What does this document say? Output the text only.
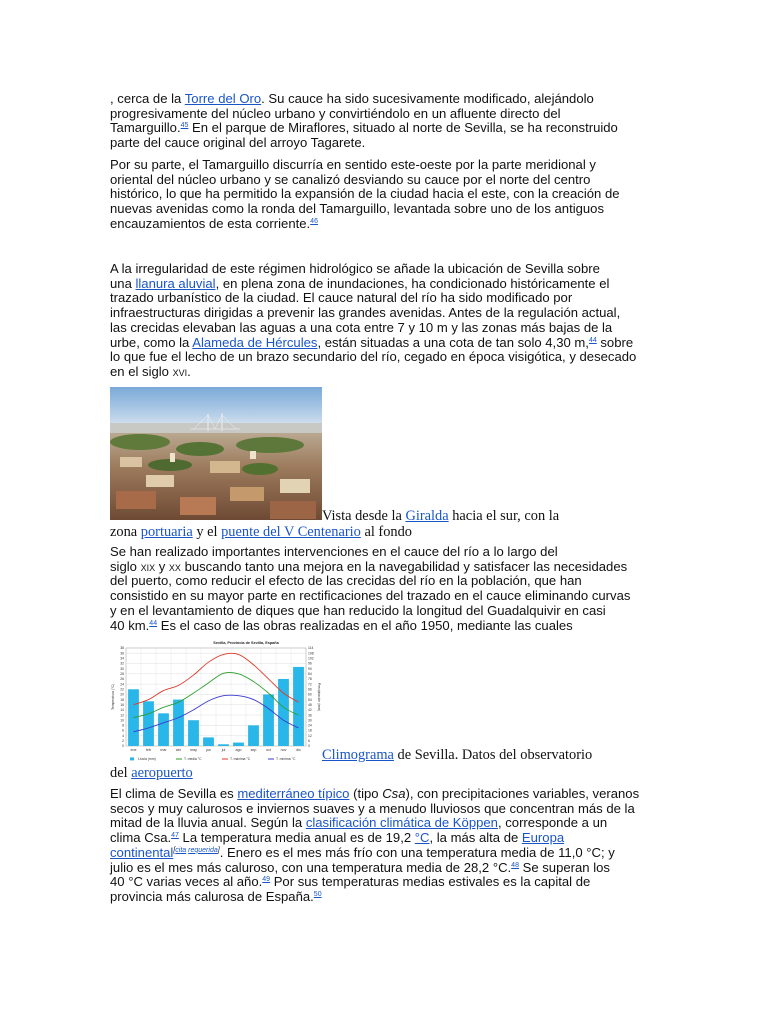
, cerca de la Torre del Oro. Su cauce ha sido sucesivamente modificado, alejándolo
progresivamente del núcleo urbano y convirtiéndolo en un afluente directo del
Tamarguillo.$^{45}$ En el parque de Miraflores, situado al norte de Sevilla, se ha reconstruido
parte del cauce original del arroyo Tagarete.
Por su parte, el Tamarguillo discurría en sentido este-oeste por la parte meridional y
oriental del núcleo urbano y se canalizó desviando su cauce por el norte del centro
histórico, lo que ha permitido la expansión de la ciudad hacia el este, con la creación de
nuevas avenidas como la ronda del Tamarguillo, levantada sobre uno de los antiguos
encauzamientos de esta corriente.$^{46}$
A la irregularidad de este régimen hidrológico se añade la ubicación de Sevilla sobre
una llanura aluvial, en plena zona de inundaciones, ha condicionado históricamente el
trazado urbanístico de la ciudad. El cauce natural del río ha sido modificado por
infraestructuras dirigidas a prevenir las grandes avenidas. Antes de la regulación actual,
las crecidas elevaban las aguas a una cota entre 7 y 10 m y las zonas más bajas de la
urbe, como la Alameda de Hércules, están situadas a una cota de tan solo 4,30 m,$^{44}$ sobre
lo que fue el lecho de un brazo secundario del río, cegado en época visigótica, y desecado
en el siglo xvi.
Vista desde la Giralda hacia el sur, con la
zona portuaria y el puente del V Centenario al fondo
Se han realizado importantes intervenciones en el cauce del río a lo largo del
siglo xix y xx buscando tanto una mejora en la navegabilidad y satisfacer las necesidades
del puerto, como reducir el efecto de las crecidas del río en la población, que han
consistido en su mayor parte en rectificaciones del trazado en el cauce eliminando curvas
y en el levantamiento de diques que han reducido la longitud del Guadalquivir en casi
40 km.$^{44}$ Es el caso de las obras realizadas en el año 1950, mediante las cuales
0
2
4
6
8
10
12
14
16
18
20
22
24
26
28
30
32
34
36
38
0
6
12
18
24
30
36
42
48
54
60
66
72
78
84
90
96
102
108
114
ene	feb	mar	abr	may	jun	jul	ago	sep	oct	nov	dic
Sevilla, Provincia de Sevilla, España
Temperatura (°C)	Precipitación (mm)
Lluvia (mm)	T. media °C	T. máxima °C	T. mínima °C Climograma de Sevilla. Datos del observatorio
del aeropuerto
El clima de Sevilla es mediterráneo típico (tipo Csa), con precipitaciones variables, veranos
secos y muy calurosos e inviernos suaves y a menudo lluviosos que concentran más de la
mitad de la lluvia anual. Según la clasificación climática de Köppen, corresponde a un
clima Csa.$^{47}$ La temperatura media anual es de 19,2 °C, la más alta de Europa
continental[cita requerida]. Enero es el mes más frío con una temperatura media de 11,0 °C; y
julio es el mes más caluroso, con una temperatura media de 28,2 °C.$^{48}$ Se superan los
40 °C varias veces al año.$^{49}$ Por sus temperaturas medias estivales es la capital de
provincia más calurosa de España.$^{50}$
